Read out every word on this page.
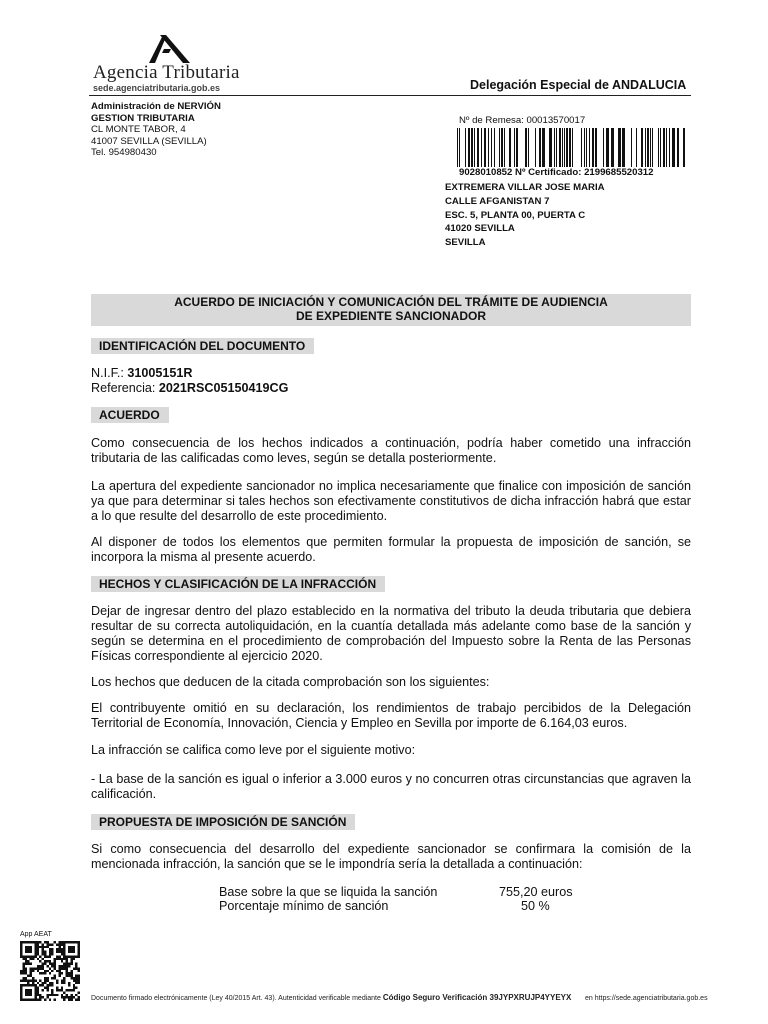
Agencia Tributaria
sede.agenciatributaria.gob.es	Delegación Especial de ANDALUCIA
Administración de NERVIÓN
GESTION TRIBUTARIA
CL MONTE TABOR, 4
41007 SEVILLA (SEVILLA)
Tel. 954980430
Nº de Remesa: 00013570017
9028010852 Nº Certificado: 2199685520312
EXTREMERA VILLAR JOSE MARIA
CALLE AFGANISTAN 7
ESC. 5, PLANTA 00, PUERTA C
41020 SEVILLA
SEVILLA
ACUERDO DE INICIACIÓN Y COMUNICACIÓN DEL TRÁMITE DE AUDIENCIA
DE EXPEDIENTE SANCIONADOR
IDENTIFICACIÓN DEL DOCUMENTO
N.I.F.: 31005151R
Referencia: 2021RSC05150419CG
ACUERDO
Como consecuencia de los hechos indicados a continuación, podría haber cometido una infracción tributaria de las calificadas como leves, según se detalla posteriormente.
La apertura del expediente sancionador no implica necesariamente que finalice con imposición de sanción ya que para determinar si tales hechos son efectivamente constitutivos de dicha infracción habrá que estar a lo que resulte del desarrollo de este procedimiento.
Al disponer de todos los elementos que permiten formular la propuesta de imposición de sanción, se incorpora la misma al presente acuerdo.
HECHOS Y CLASIFICACIÓN DE LA INFRACCIÓN
Dejar de ingresar dentro del plazo establecido en la normativa del tributo la deuda tributaria que debiera resultar de su correcta autoliquidación, en la cuantía detallada más adelante como base de la sanción y según se determina en el procedimiento de comprobación del Impuesto sobre la Renta de las Personas Físicas correspondiente al ejercicio 2020.
Los hechos que deducen de la citada comprobación son los siguientes:
El contribuyente omitió en su declaración, los rendimientos de trabajo percibidos de la Delegación Territorial de Economía, Innovación, Ciencia y Empleo en Sevilla por importe de 6.164,03 euros.
La infracción se califica como leve por el siguiente motivo:
- La base de la sanción es igual o inferior a 3.000 euros y no concurren otras circunstancias que agraven la calificación.
PROPUESTA DE IMPOSICIÓN DE SANCIÓN
Si como consecuencia del desarrollo del expediente sancionador se confirmara la comisión de la mencionada infracción, la sanción que se le impondría sería la detallada a continuación:
Base sobre la que se liquida la sanción	755,20 euros
Porcentaje mínimo de sanción	50 %
App AEAT
Documento firmado electrónicamente (Ley 40/2015 Art. 43). Autenticidad verificable mediante Código Seguro Verificación 39JYPXRUJP4YYEYX en https://sede.agenciatributaria.gob.es
